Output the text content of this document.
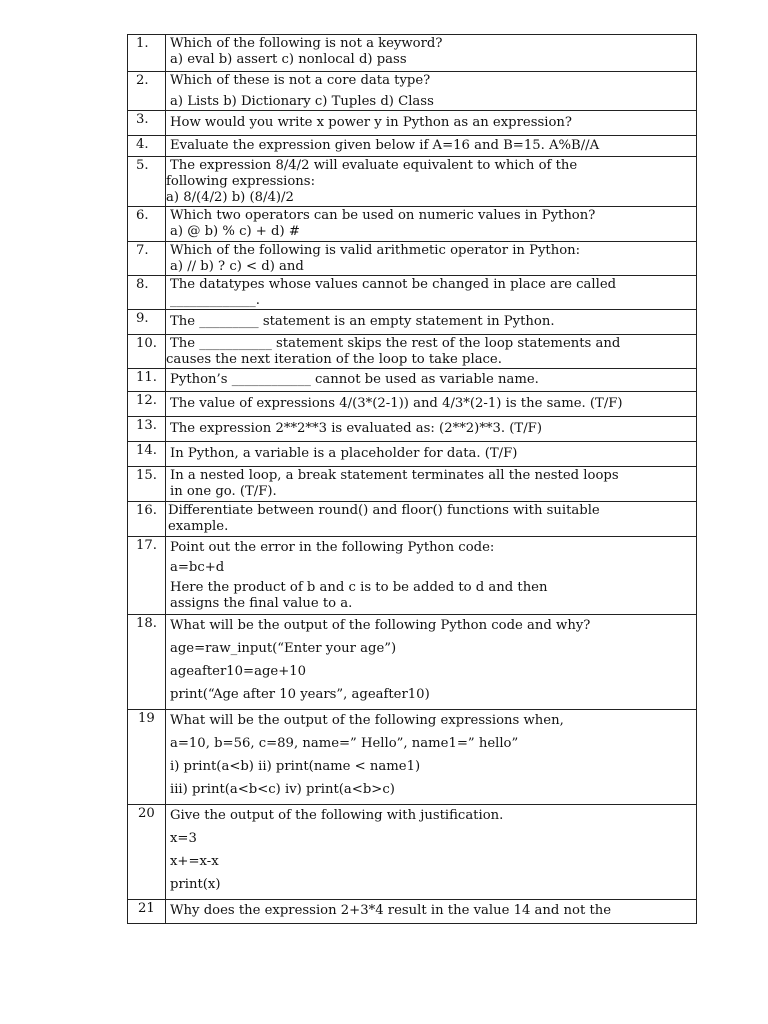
1.	Which of the following is not a keyword?
a) eval b) assert c) nonlocal d) pass

2.	Which of these is not a core data type?
a) Lists b) Dictionary c) Tuples d) Class

3.	How would you write x power y in Python as an expression?

4.	Evaluate the expression given below if A=16 and B=15. A%B//A

5.	The expression 8/4/2 will evaluate equivalent to which of the
following expressions:
a) 8/(4/2) b) (8/4)/2

6.	Which two operators can be used on numeric values in Python?
a) @ b) % c) + d) #

7.	Which of the following is valid arithmetic operator in Python:
a) // b) ? c) < d) and

8.	The datatypes whose values cannot be changed in place are called
_____________.

9.	The _________ statement is an empty statement in Python.

10.	The ___________ statement skips the rest of the loop statements and
causes the next iteration of the loop to take place.

11.	Python’s ____________ cannot be used as variable name.

12.	The value of expressions 4/(3*(2-1)) and 4/3*(2-1) is the same. (T/F)

13.	The expression 2**2**3 is evaluated as: (2**2)**3. (T/F)

14.	In Python, a variable is a placeholder for data. (T/F)

15.	In a nested loop, a break statement terminates all the nested loops
in one go. (T/F).

16.	Differentiate between round() and floor() functions with suitable
example.

17.	Point out the error in the following Python code:
a=bc+d
Here the product of b and c is to be added to d and then
assigns the final value to a.

18.	What will be the output of the following Python code and why?
age=raw_input(“Enter your age”)
ageafter10=age+10
print(“Age after 10 years”, ageafter10)

19	What will be the output of the following expressions when,
a=10, b=56, c=89, name=” Hello”, name1=” hello”
i) print(a<b) ii) print(name < name1)
iii) print(a<b<c) iv) print(a<b>c)

20	Give the output of the following with justification.
x=3
x+=x-x
print(x)

21	Why does the expression 2+3*4 result in the value 14 and not the
